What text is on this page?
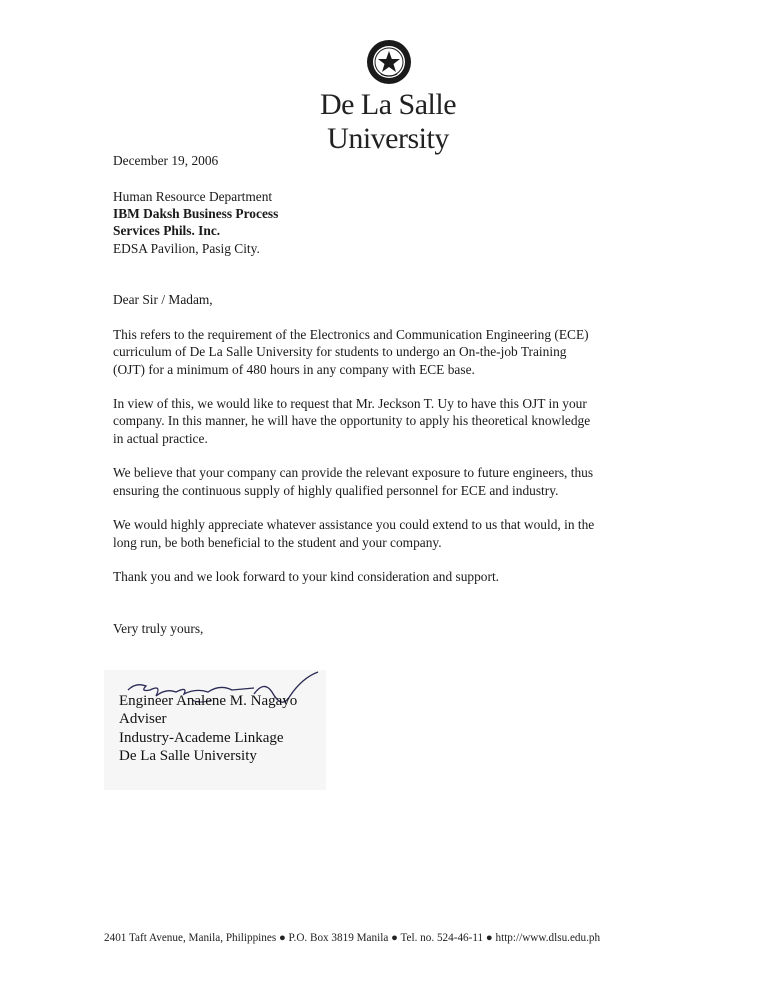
De La Salle University

December 19, 2006

Human Resource Department

IBM Daksh Business Process

Services Phils. Inc.

EDSA Pavilion, Pasig City.

Dear Sir / Madam,

This refers to the requirement of the Electronics and Communication Engineering (ECE)

curriculum of De La Salle University for students to undergo an On-the-job Training

(OJT) for a minimum of 480 hours in any company with ECE base.

In view of this, we would like to request that Mr. Jeckson T. Uy to have this OJT in your

company. In this manner, he will have the opportunity to apply his theoretical knowledge

in actual practice.

We believe that your company can provide the relevant exposure to future engineers, thus

ensuring the continuous supply of highly qualified personnel for ECE and industry.

We would highly appreciate whatever assistance you could extend to us that would, in the

long run, be both beneficial to the student and your company.

Thank you and we look forward to your kind consideration and support.

Very truly yours,

Engineer Analene M. Nagayo
Adviser
Industry-Academe Linkage
De La Salle University
2401 Taft Avenue, Manila, Philippines ● P.O. Box 3819 Manila ● Tel. no. 524-46-11 ● http://www.dlsu.edu.ph
